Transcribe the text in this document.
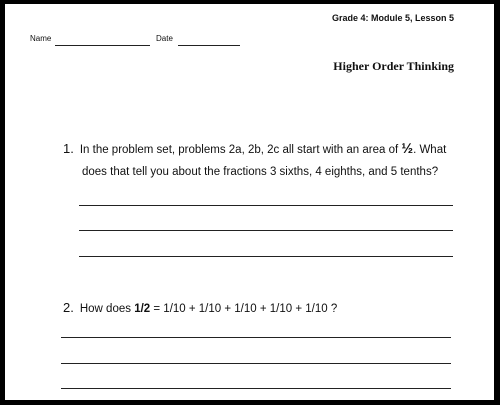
Grade 4: Module 5, Lesson 5
Name	Date
Higher Order Thinking
1. In the problem set, problems 2a, 2b, 2c all start with an area of ½. What
does that tell you about the fractions 3 sixths, 4 eighths, and 5 tenths?
2. How does 1/2 = 1/10 + 1/10 + 1/10 + 1/10 + 1/10 ?
